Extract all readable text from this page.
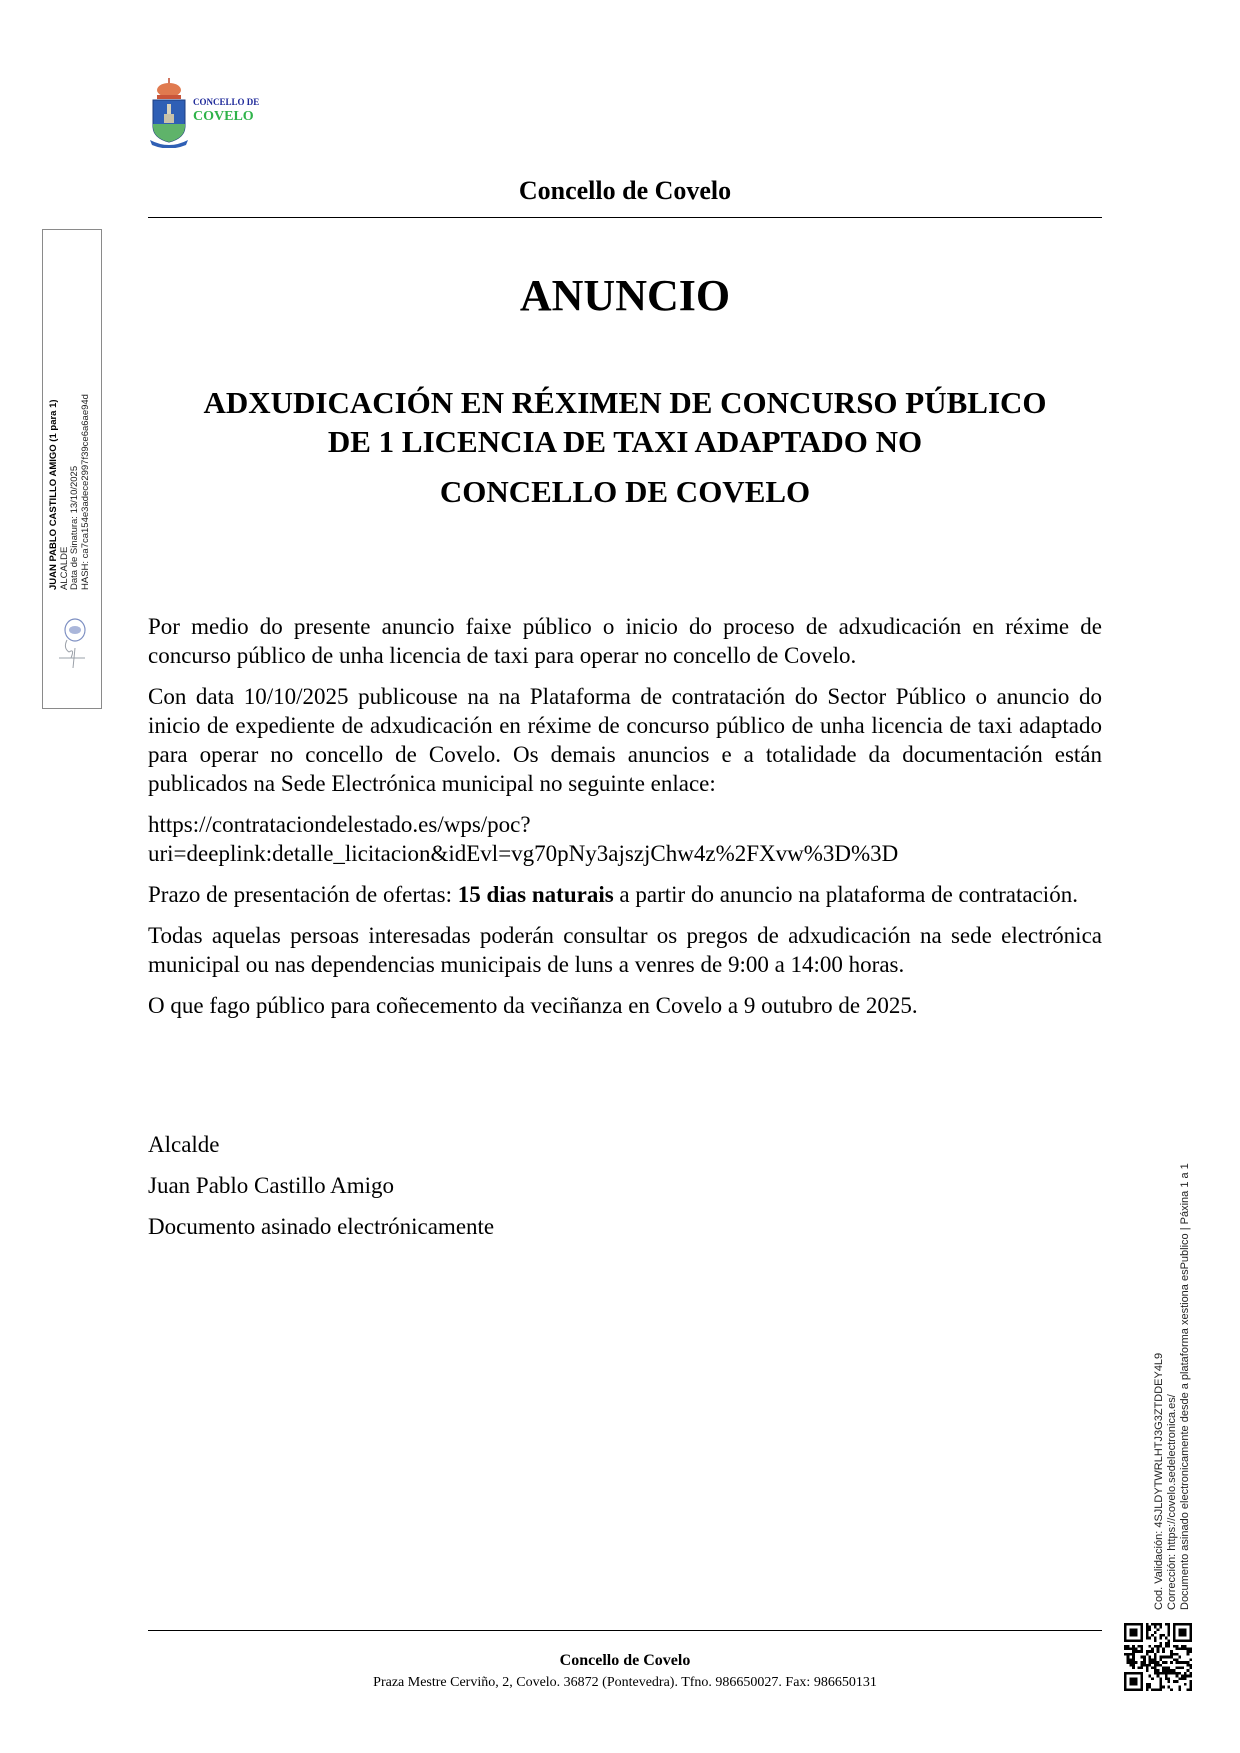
CONCELLO DE
COVELO
Concello de Covelo
ANUNCIO
ADXUDICACIÓN EN RÉXIMEN DE CONCURSO PÚBLICO
DE 1 LICENCIA DE TAXI ADAPTADO NO
CONCELLO DE COVELO

Por medio do presente anuncio faixe público o inicio do proceso de adxudicación en réxime de concurso público de unha licencia de taxi para operar no concello de Covelo.

Con data 10/10/2025 publicouse na na Plataforma de contratación do Sector Público o anuncio do inicio de expediente de adxudicación en réxime de concurso público de unha licencia de taxi adaptado para operar no concello de Covelo. Os demais anuncios e a totalidade da documentación están publicados na Sede Electrónica municipal no seguinte enlace:

https://contrataciondelestado.es/wps/poc?
uri=deeplink:detalle_licitacion&idEvl=vg70pNy3ajszjChw4z%2FXvw%3D%3D

Prazo de presentación de ofertas: 15 dias naturais a partir do anuncio na plataforma de contratación.

Todas aquelas persoas interesadas poderán consultar os pregos de adxudicación na sede electrónica municipal ou nas dependencias municipais de luns a venres de 9:00 a 14:00 horas.

O que fago público para coñecemento da veciñanza en Covelo a 9 outubro de 2025.

Alcalde
Juan Pablo Castillo Amigo
Documento asinado electrónicamente
Concello de Covelo
Praza Mestre Cerviño, 2, Covelo. 36872 (Pontevedra). Tfno. 986650027. Fax: 986650131
JUAN PABLO CASTILLO AMIGO (1 para 1) ALCALDE Data de Sinatura: 13/10/2025 HASH: ca7ca154e3adece2997f39ce6a6ae94d
Cod. Validación: 4SJLDYTWRLHTJ3G3ZTDDEY4L9 Corrección: https://covelo.sedelectronica.es/ Documento asinado electronicamente desde a plataforma xestiona esPublico | Páxina 1 a 1
